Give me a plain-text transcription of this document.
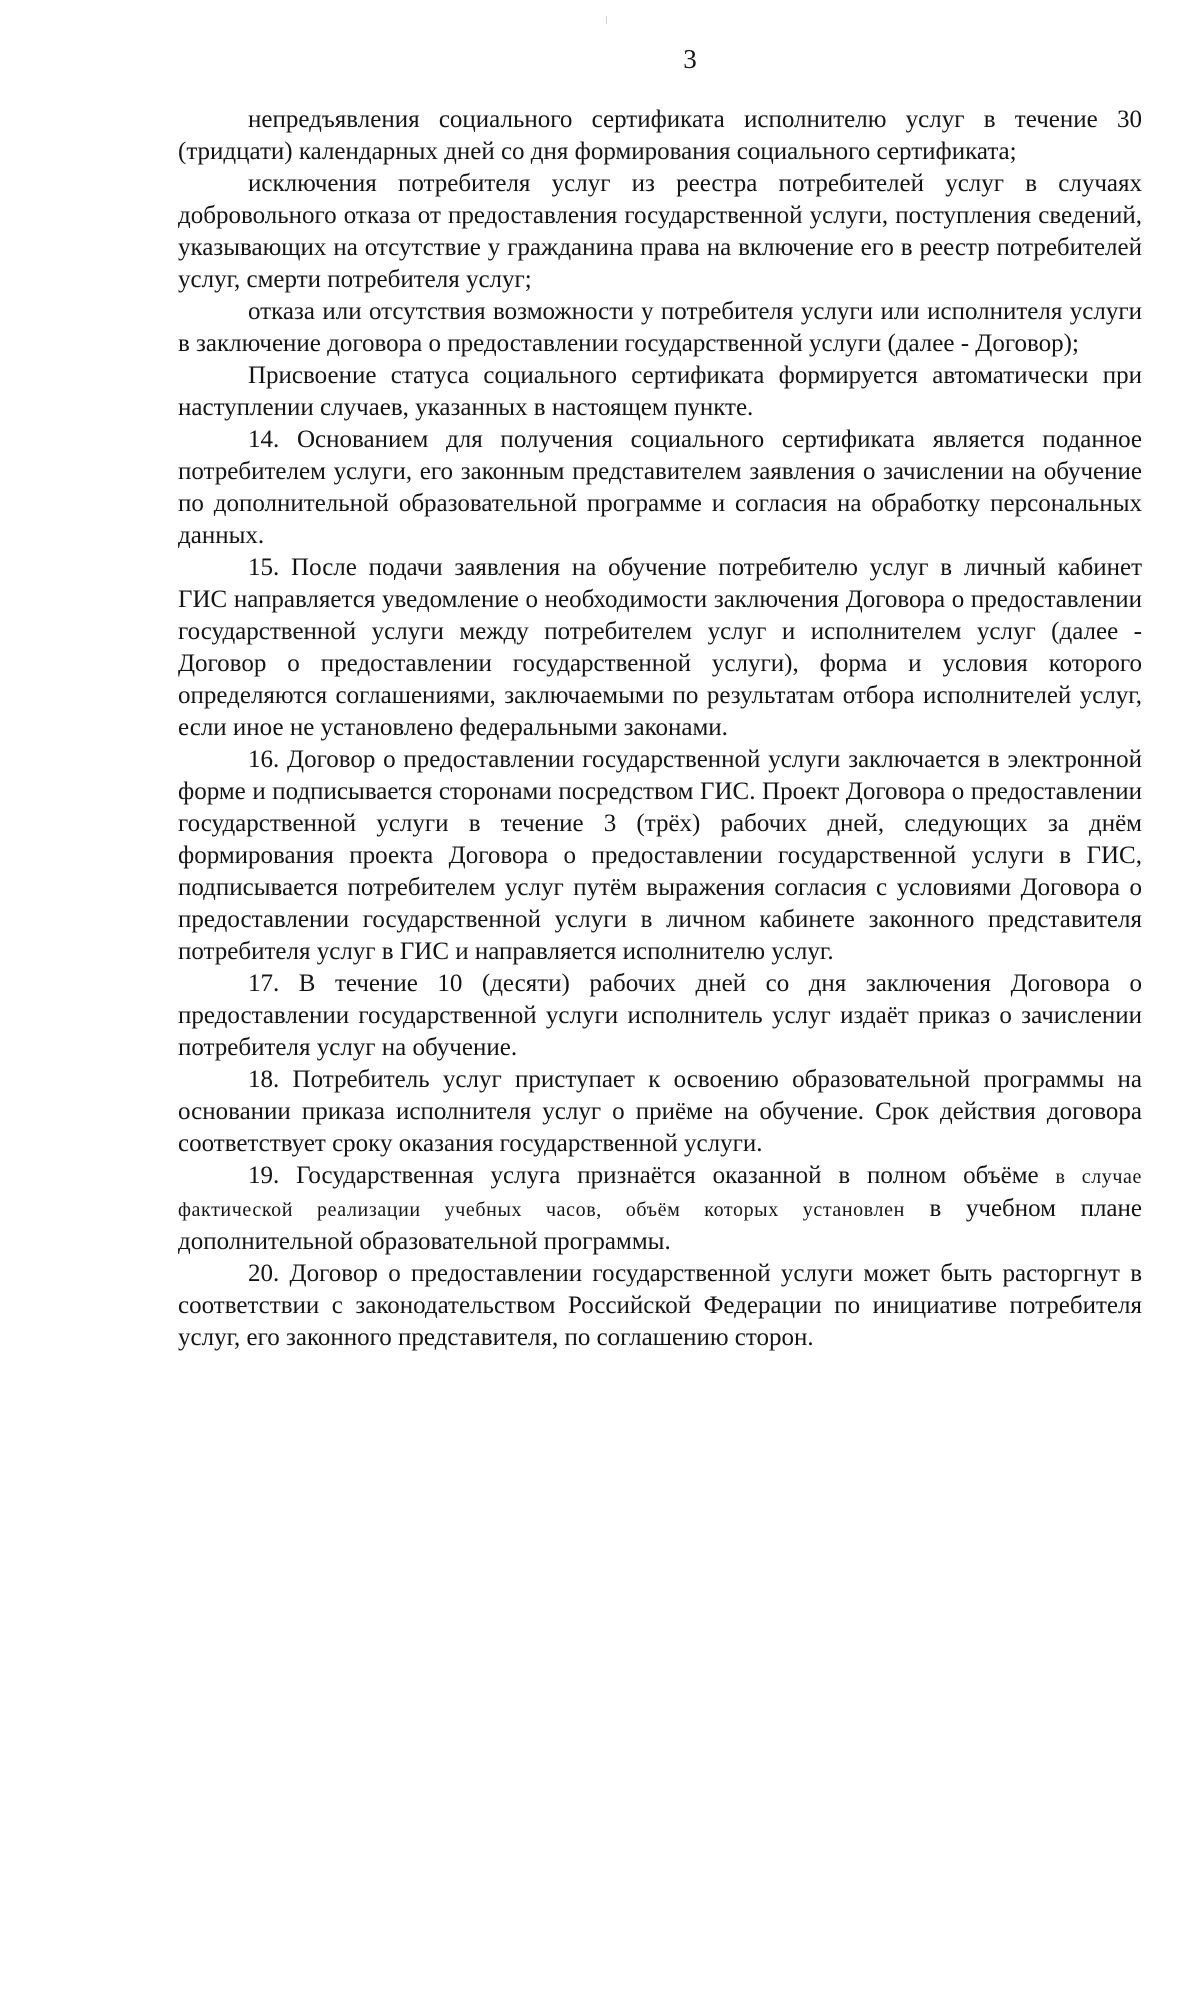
3

непредъявления социального сертификата исполнителю услуг в течение 30 (тридцати) календарных дней со дня формирования социального сертификата;

исключения потребителя услуг из реестра потребителей услуг в случаях добровольного отказа от предоставления государственной услуги, поступления сведений, указывающих на отсутствие у гражданина права на включение его в реестр потребителей услуг, смерти потребителя услуг;

отказа или отсутствия возможности у потребителя услуги или исполнителя услуги в заключение договора о предоставлении государственной услуги (далее - Договор);

Присвоение статуса социального сертификата формируется автоматически при наступлении случаев, указанных в настоящем пункте.

14. Основанием для получения социального сертификата является поданное потребителем услуги, его законным представителем заявления о зачислении на обучение по дополнительной образовательной программе и согласия на обработку персональных данных.

15. После подачи заявления на обучение потребителю услуг в личный кабинет ГИС направляется уведомление о необходимости заключения Договора о предоставлении государственной услуги между потребителем услуг и исполнителем услуг (далее - Договор о предоставлении государственной услуги), форма и условия которого определяются соглашениями, заключаемыми по результатам отбора исполнителей услуг, если иное не установлено федеральными законами.

16. Договор о предоставлении государственной услуги заключается в электронной форме и подписывается сторонами посредством ГИС. Проект Договора о предоставлении государственной услуги в течение 3 (трёх) рабочих дней, следующих за днём формирования проекта Договора о предоставлении государственной услуги в ГИС, подписывается потребителем услуг путём выражения согласия с условиями Договора о предоставлении государственной услуги в личном кабинете законного представителя потребителя услуг в ГИС и направляется исполнителю услуг.

17. В течение 10 (десяти) рабочих дней со дня заключения Договора о предоставлении государственной услуги исполнитель услуг издаёт приказ о зачислении потребителя услуг на обучение.

18. Потребитель услуг приступает к освоению образовательной программы на основании приказа исполнителя услуг о приёме на обучение. Срок действия договора соответствует сроку оказания государственной услуги.

19. Государственная услуга признаётся оказанной в полном объёме в случае фактической реализации учебных часов, объём которых установлен в учебном плане дополнительной образовательной программы.

20. Договор о предоставлении государственной услуги может быть расторгнут в соответствии с законодательством Российской Федерации по инициативе потребителя услуг, его законного представителя, по соглашению сторон.
